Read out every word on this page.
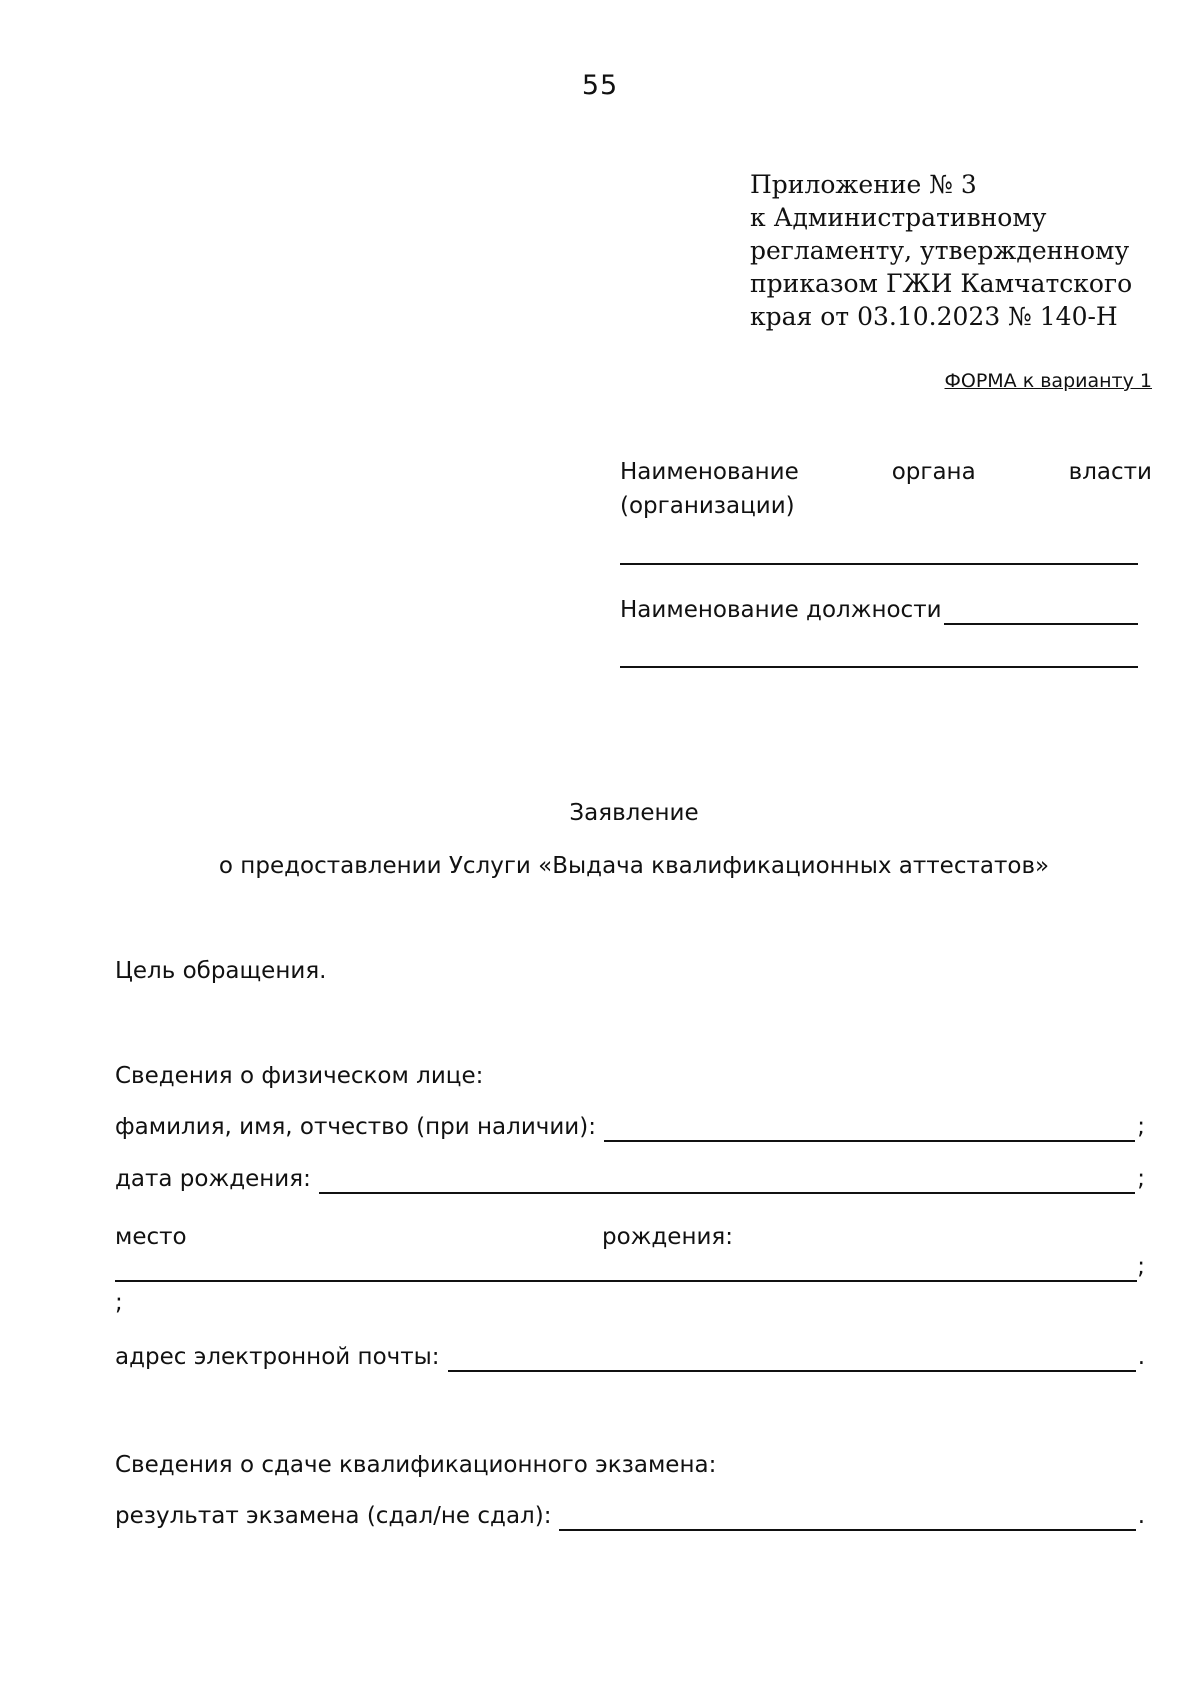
55
Приложение № 3
к Административному
регламенту, утвержденному
приказом ГЖИ Камчатского
края от 03.10.2023 № 140-Н
ФОРМА к варианту 1
Наименование	органа	власти
(организации)
Наименование должности
Заявление
о предоставлении Услуги «Выдача квалификационных аттестатов»
Цель обращения.
Сведения о физическом лице:
фамилия, имя, отчество (при наличии):	;
дата рождения:	;
место	рождения:
;
;
адрес электронной почты:	.
Сведения о сдаче квалификационного экзамена:
результат экзамена (сдал/не сдал):	.
